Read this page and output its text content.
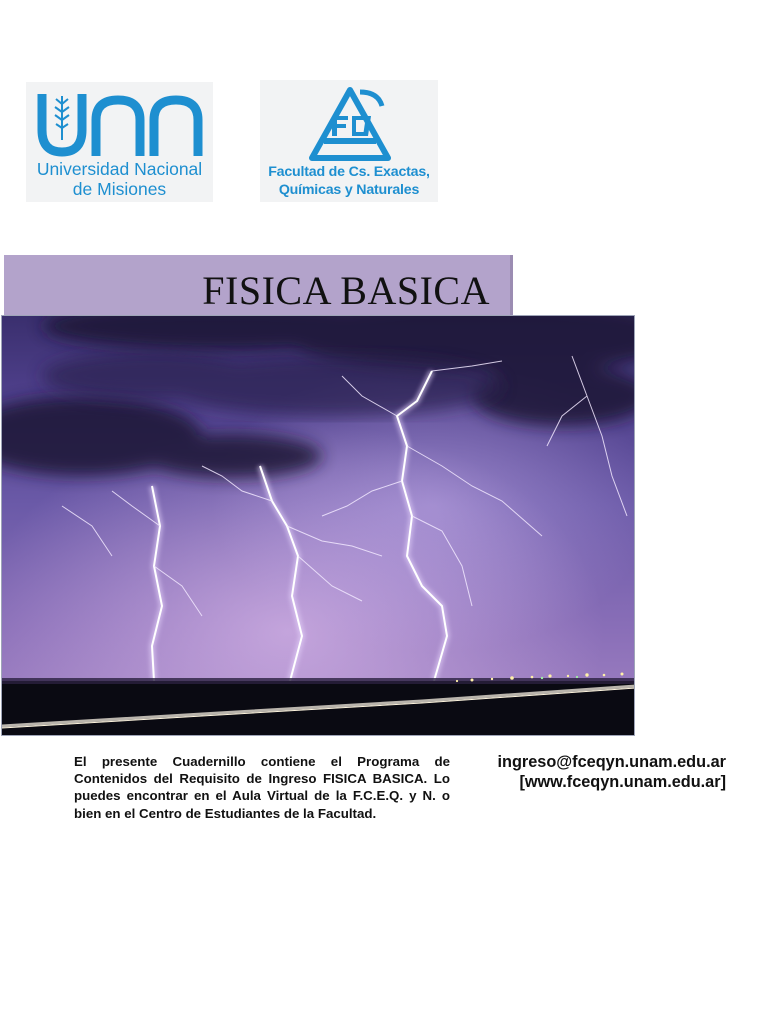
Universidad Nacional
de Misiones
Facultad de Cs. Exactas,
Químicas y Naturales
FISICA BASICA
El presente Cuadernillo contiene el Programa de Contenidos del Requisito de Ingreso FISICA BASICA. Lo puedes encontrar en el Aula Virtual de la F.C.E.Q. y N. o bien en el Centro de Estudiantes de la Facultad.
ingreso@fceqyn.unam.edu.ar
[www.fceqyn.unam.edu.ar]
